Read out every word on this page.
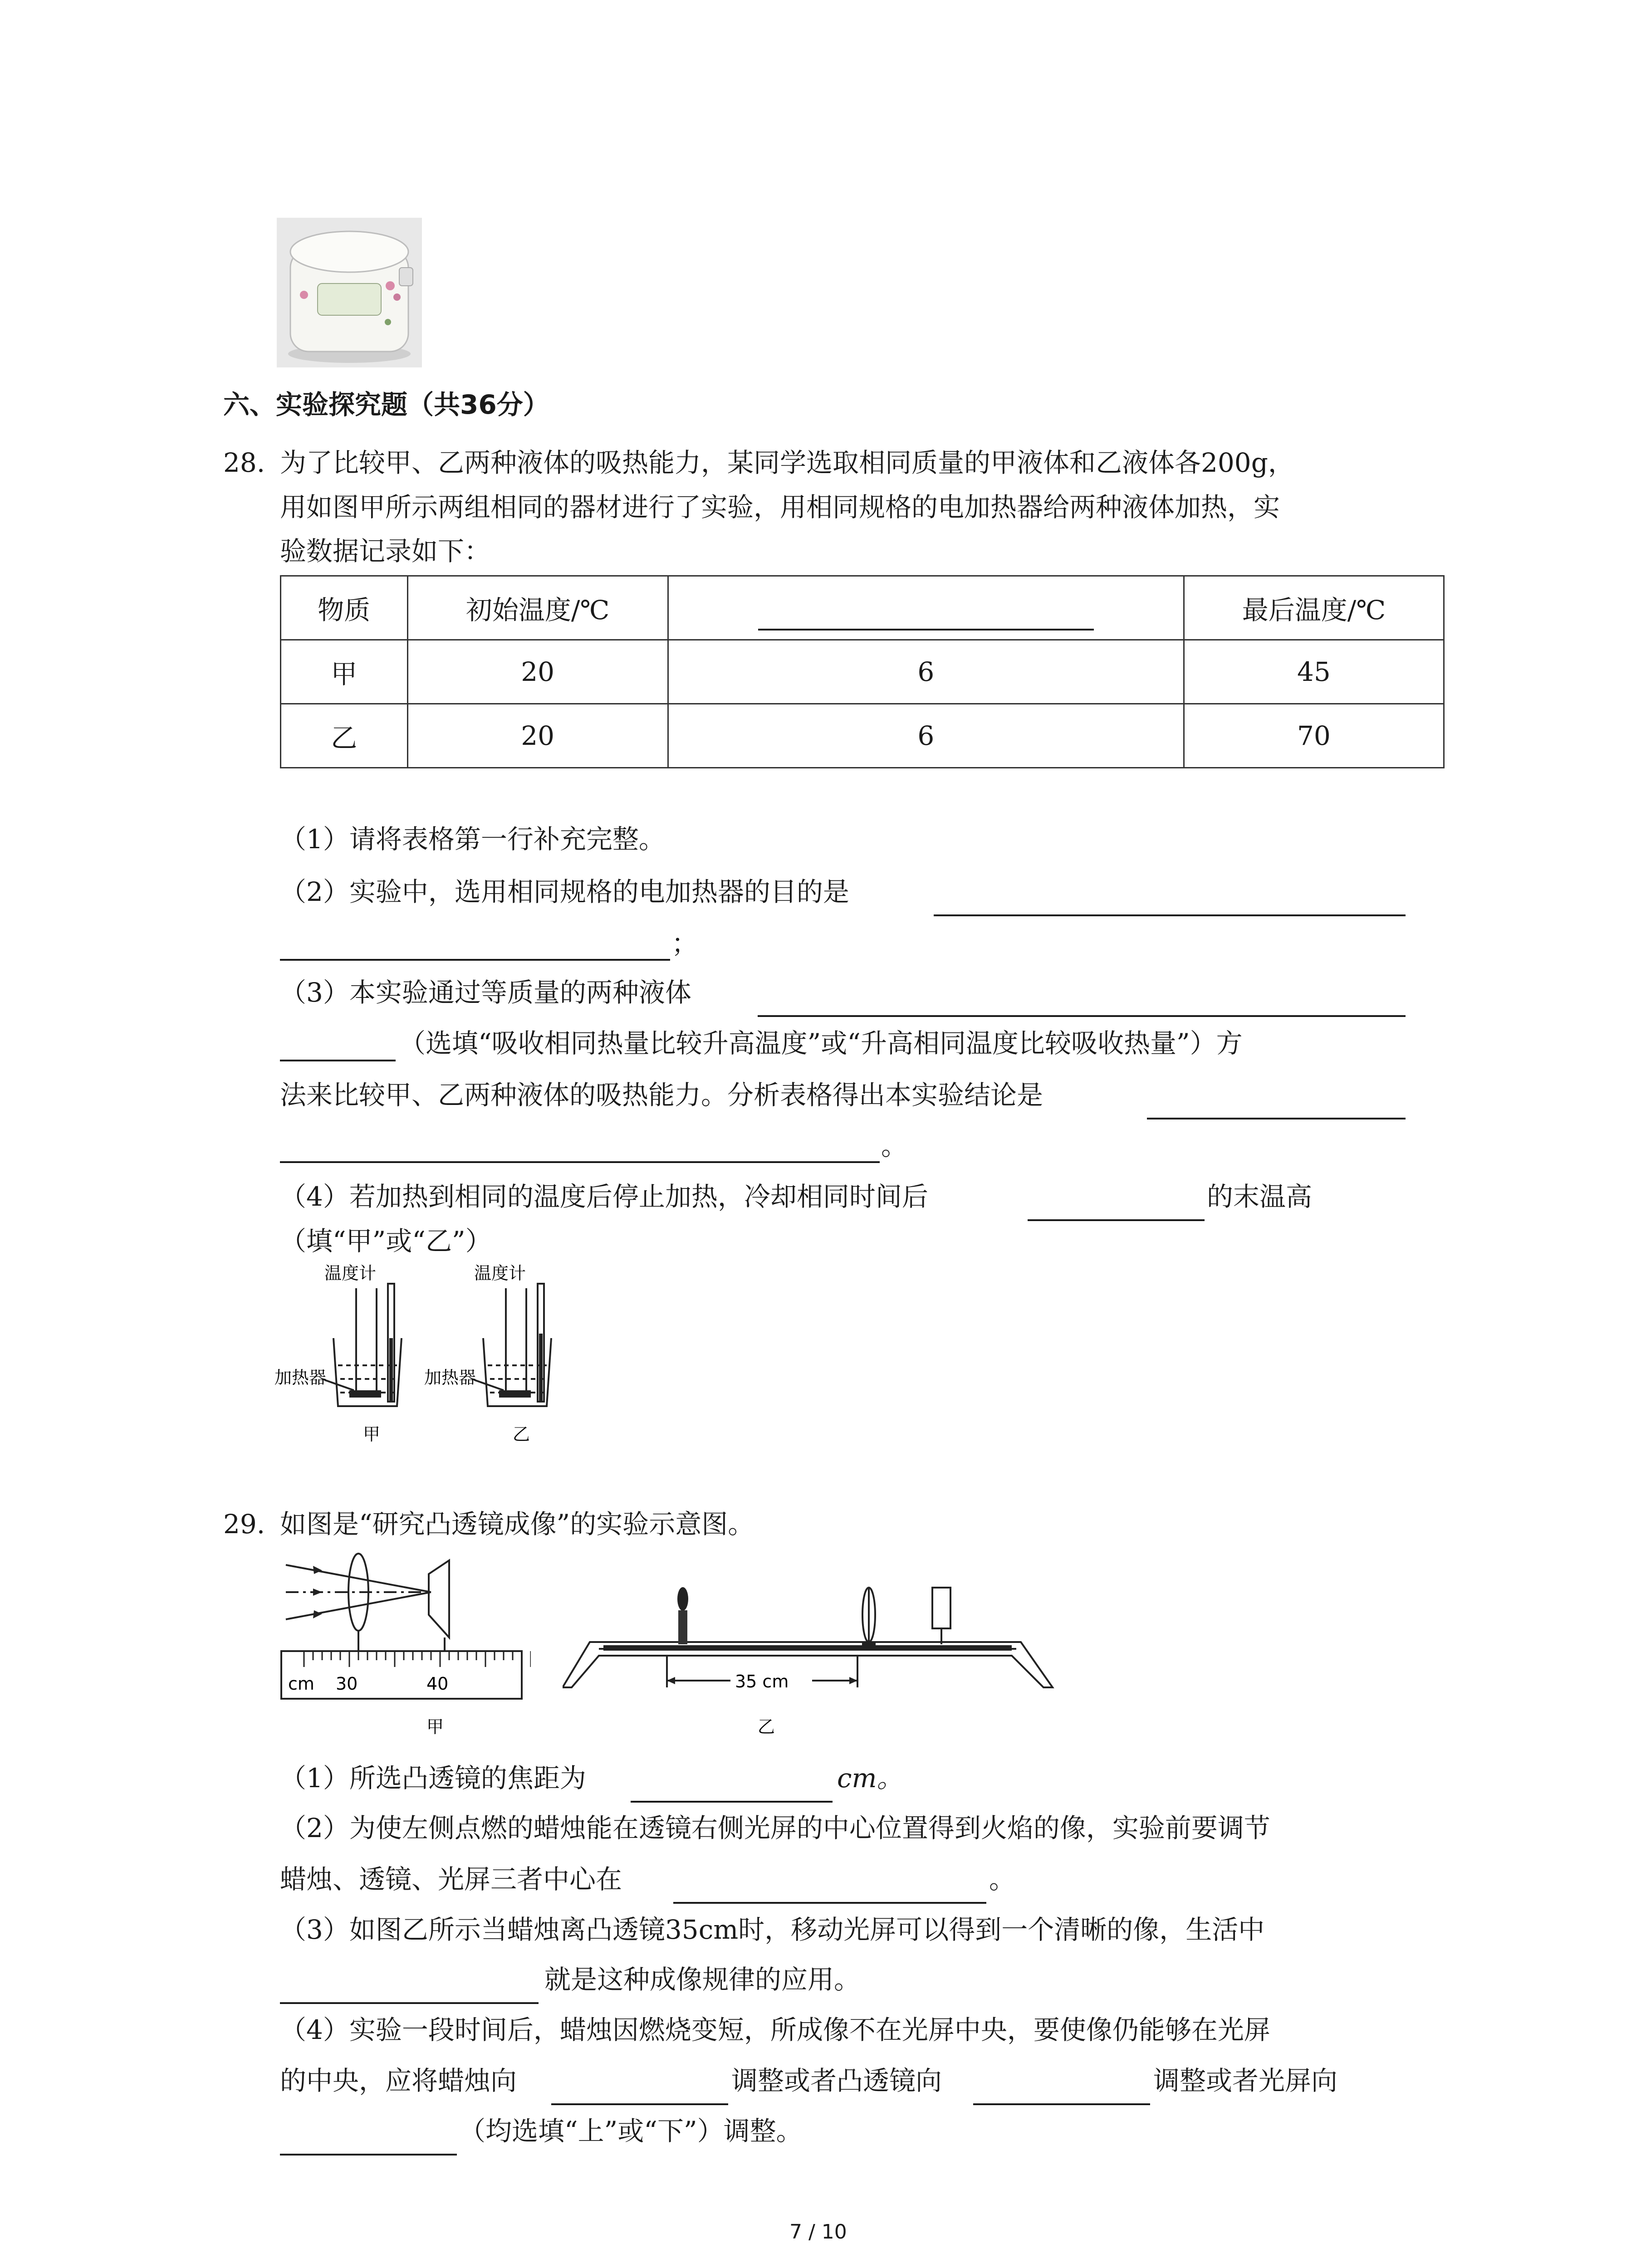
六、实验探究题（共36分）
28. 为了比较甲、乙两种液体的吸热能力，某同学选取相同质量的甲液体和乙液体各200g，
用如图甲所示两组相同的器材进行了实验，用相同规格的电加热器给两种液体加热，实
验数据记录如下：
物质	初始温度/℃		最后温度/℃
甲	20	6	45
乙	20	6	70
（1）请将表格第一行补充完整。
（2）实验中，选用相同规格的电加热器的目的是
；
（3）本实验通过等质量的两种液体
（选填“吸收相同热量比较升高温度”或“升高相同温度比较吸收热量”）方
法来比较甲、乙两种液体的吸热能力。分析表格得出本实验结论是
。
（4）若加热到相同的温度后停止加热，冷却相同时间后	的末温高
（填“甲”或“乙”）
温度计	温度计
加热器	加热器
甲	乙
29. 如图是“研究凸透镜成像”的实验示意图。
cm 30	40
甲
35 cm
乙
（1）所选凸透镜的焦距为	cm。
（2）为使左侧点燃的蜡烛能在透镜右侧光屏的中心位置得到火焰的像，实验前要调节
蜡烛、透镜、光屏三者中心在	。
（3）如图乙所示当蜡烛离凸透镜35cm时，移动光屏可以得到一个清晰的像，生活中
就是这种成像规律的应用。
（4）实验一段时间后，蜡烛因燃烧变短，所成像不在光屏中央，要使像仍能够在光屏
的中央，应将蜡烛向	调整或者凸透镜向	调整或者光屏向
（均选填“上”或“下”）调整。
7 / 10
